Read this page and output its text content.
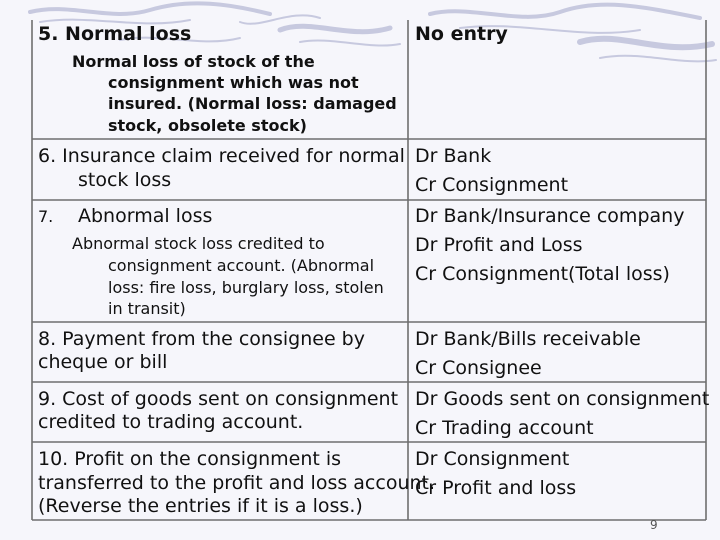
5. Normal loss
Normal loss of stock of the
consignment which was not
insured. (Normal loss: damaged
stock, obsolete stock)
No entry
6. Insurance claim received for normal
stock loss
Dr Bank
Cr Consignment
7. Abnormal loss
Abnormal stock loss credited to
consignment account. (Abnormal
loss: fire loss, burglary loss, stolen
in transit)
Dr Bank/Insurance company
Dr Profit and Loss
Cr Consignment(Total loss)
8. Payment from the consignee by
cheque or bill
Dr Bank/Bills receivable
Cr Consignee
9. Cost of goods sent on consignment
credited to trading account.
Dr Goods sent on consignment
Cr Trading account
10. Profit on the consignment is
transferred to the profit and loss account.
(Reverse the entries if it is a loss.)
Dr Consignment
Cr Profit and loss
9
